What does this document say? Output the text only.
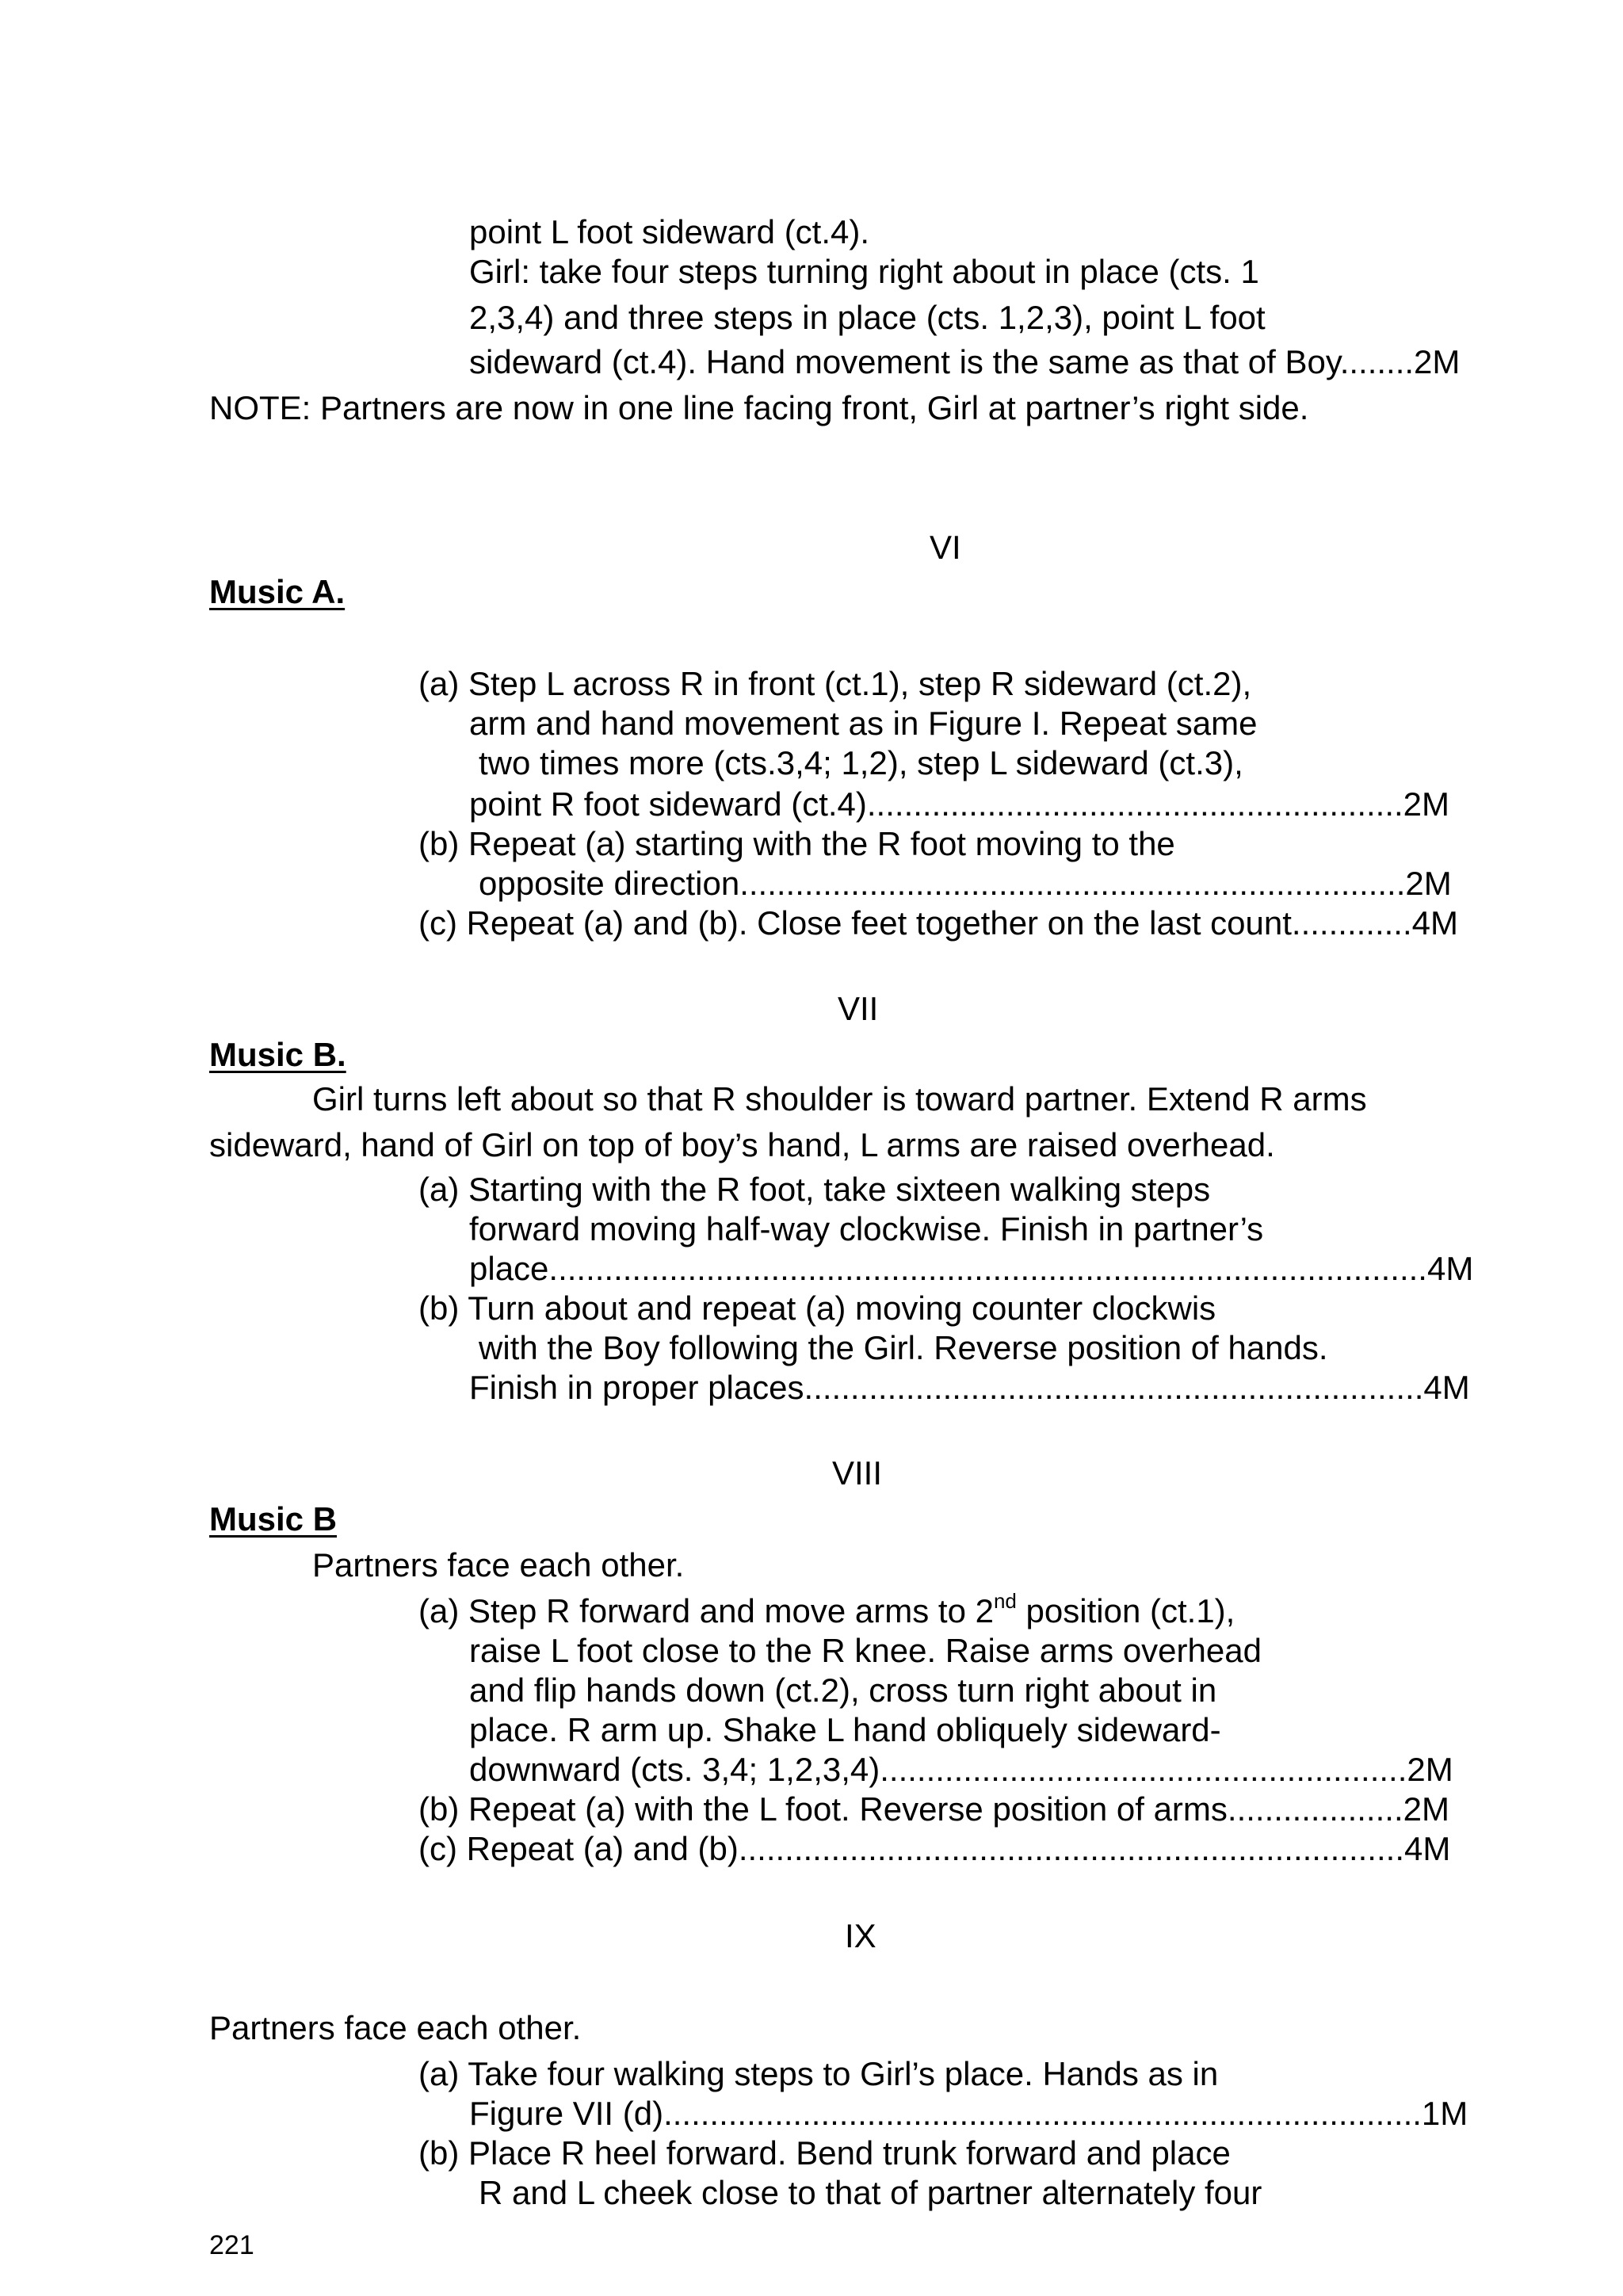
point L foot sideward (ct.4).
Girl: take four steps turning right about in place (cts. 1
2,3,4) and three steps in place (cts. 1,2,3), point L foot
sideward (ct.4). Hand movement is the same as that of Boy........2M
NOTE: Partners are now in one line facing front, Girl at partner’s right side.
VI
Music A.
(a) Step L across R in front (ct.1), step R sideward (ct.2),
arm and hand movement as in Figure I. Repeat same
two times more (cts.3,4; 1,2), step L sideward (ct.3),
point R foot sideward (ct.4)..........................................................2M
(b) Repeat (a) starting with the R foot moving to the
opposite direction........................................................................2M
(c) Repeat (a) and (b). Close feet together on the last count.............4M
VII
Music B.
Girl turns left about so that R shoulder is toward partner. Extend R arms
sideward, hand of Girl on top of boy’s hand, L arms are raised overhead.
(a) Starting with the R foot, take sixteen walking steps
forward moving half-way clockwise. Finish in partner’s
place...............................................................................................4M
(b) Turn about and repeat (a) moving counter clockwis
with the Boy following the Girl. Reverse position of hands.
Finish in proper places...................................................................4M
VIII
Music B
Partners face each other.
(a) Step R forward and move arms to 2nd position (ct.1),
raise L foot close to the R knee. Raise arms overhead
and flip hands down (ct.2), cross turn right about in
place. R arm up. Shake L hand obliquely sideward-
downward (cts. 3,4; 1,2,3,4).........................................................2M
(b) Repeat (a) with the L foot. Reverse position of arms...................2M
(c) Repeat (a) and (b)........................................................................4M
IX
Partners face each other.
(a) Take four walking steps to Girl’s place. Hands as in
Figure VII (d)..................................................................................1M
(b) Place R heel forward. Bend trunk forward and place
R and L cheek close to that of partner alternately four
221
